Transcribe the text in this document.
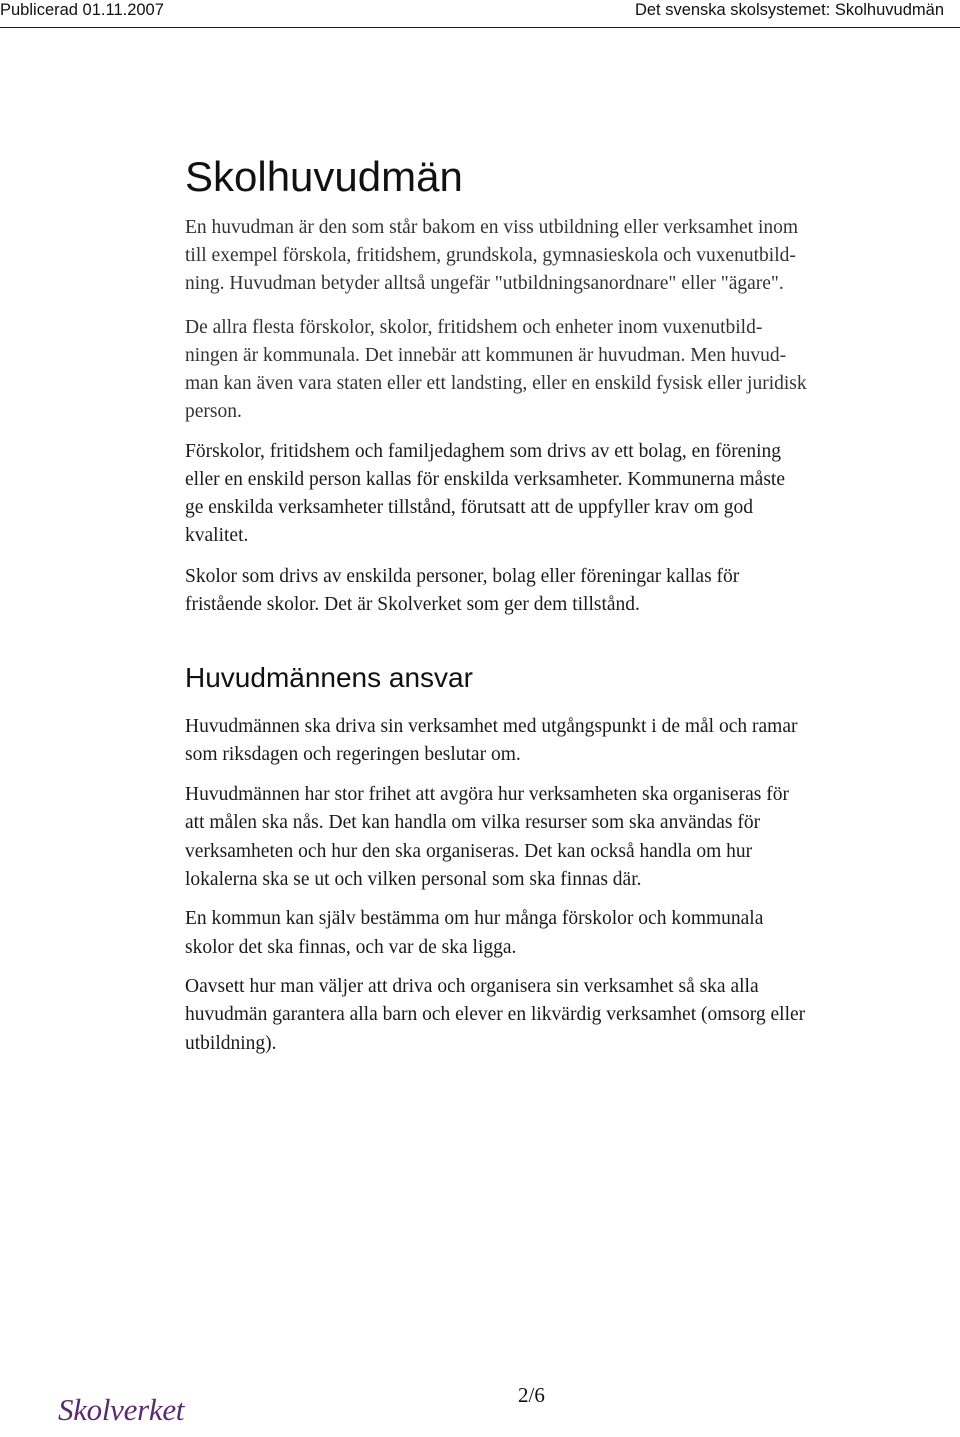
Publicerad 01.11.2007	Det svenska skolsystemet: Skolhuvudmän
Skolhuvudmän
En huvudman är den som står bakom en viss utbildning eller verksamhet inom
till exempel förskola, fritidshem, grundskola, gymnasieskola och vuxenutbild-
ning. Huvudman betyder alltså ungefär "utbildningsanordnare" eller "ägare".
De allra flesta förskolor, skolor, fritidshem och enheter inom vuxenutbild-
ningen är kommunala. Det innebär att kommunen är huvudman. Men huvud-
man kan även vara staten eller ett landsting, eller en enskild fysisk eller juridisk
person.
Förskolor, fritidshem och familjedaghem som drivs av ett bolag, en förening
eller en enskild person kallas för enskilda verksamheter. Kommunerna måste
ge enskilda verksamheter tillstånd, förutsatt att de uppfyller krav om god
kvalitet.
Skolor som drivs av enskilda personer, bolag eller föreningar kallas för
fristående skolor. Det är Skolverket som ger dem tillstånd.
Huvudmännens ansvar
Huvudmännen ska driva sin verksamhet med utgångspunkt i de mål och ramar
som riksdagen och regeringen beslutar om.
Huvudmännen har stor frihet att avgöra hur verksamheten ska organiseras för
att målen ska nås. Det kan handla om vilka resurser som ska användas för
verksamheten och hur den ska organiseras. Det kan också handla om hur
lokalerna ska se ut och vilken personal som ska finnas där.
En kommun kan själv bestämma om hur många förskolor och kommunala
skolor det ska finnas, och var de ska ligga.
Oavsett hur man väljer att driva och organisera sin verksamhet så ska alla
huvudmän garantera alla barn och elever en likvärdig verksamhet (omsorg eller
utbildning).
Skolverket	2/6
